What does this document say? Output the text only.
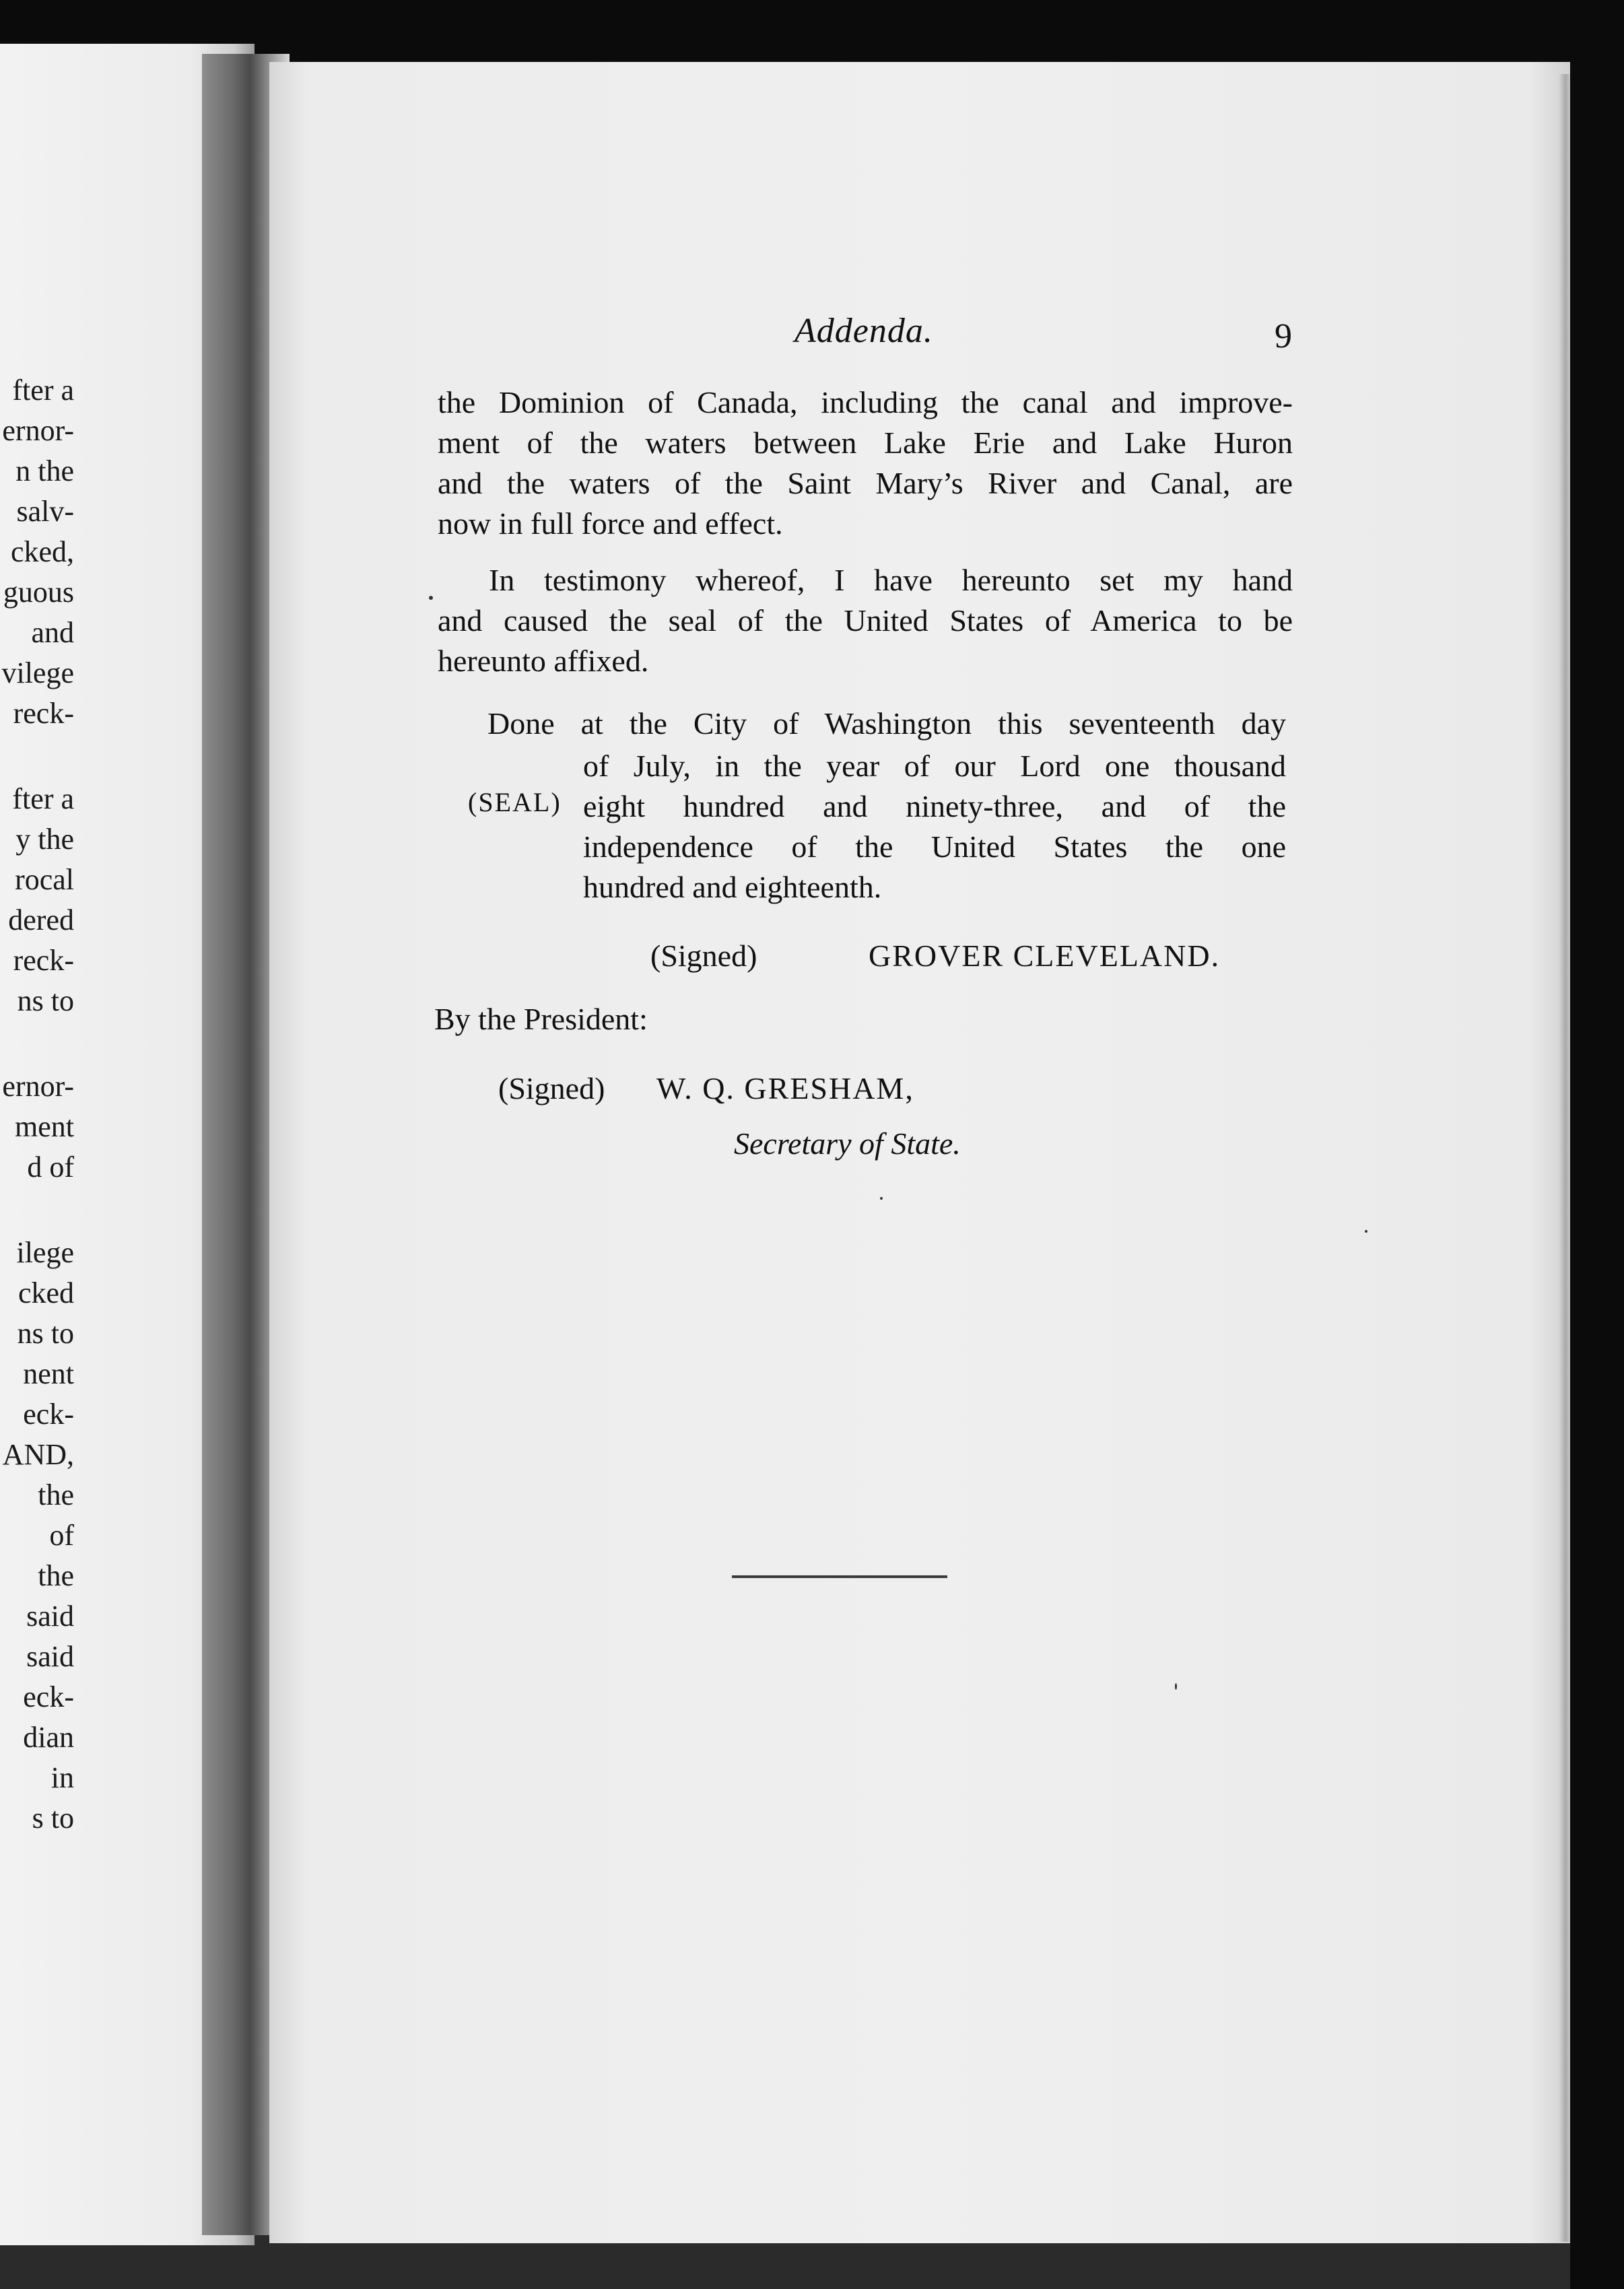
fter a
ernor-
n the
salv-
cked,
guous
and
vilege
reck-
fter a
y the
rocal
dered
reck-
ns to
ernor-
ment
d of
ilege
cked
ns to
nent
eck-
AND,
the
of
the
said
said
eck-
dian
in
s to
Addenda.	9
the Dominion of Canada, including the canal and improve-
ment of the waters between Lake Erie and Lake Huron
and the waters of the Saint Mary’s River and Canal, are
now in full force and effect.
In testimony whereof, I have hereunto set my hand
and caused the seal of the United States of America to be
hereunto affixed.
Done at the City of Washington this seventeenth day
of July, in the year of our Lord one thousand
eight hundred and ninety-three, and of the
independence of the United States the one
hundred and eighteenth.
(SEAL)
(Signed)	GROVER CLEVELAND.
By the President:
(Signed) W. Q. GRESHAM,
Secretary of State.
